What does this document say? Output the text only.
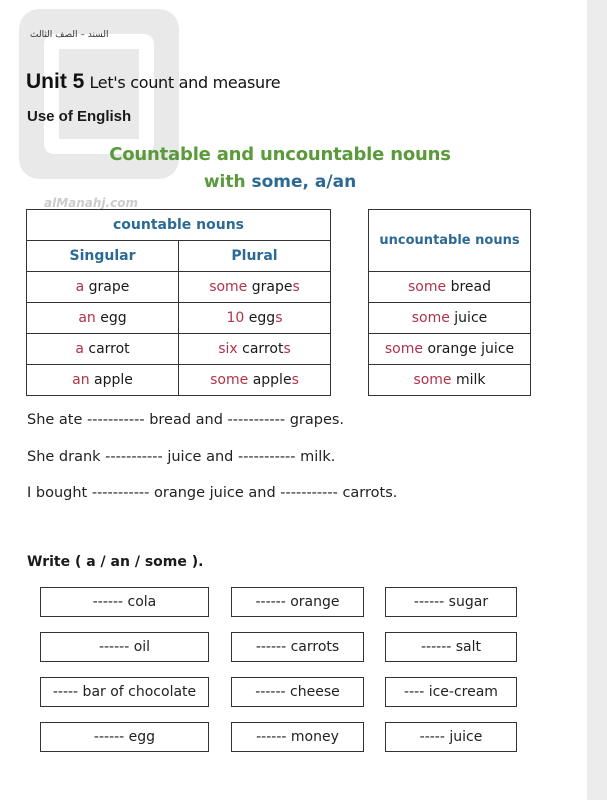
alManahj.com
السند – الصف الثالث
Unit 5 Let's count and measure
Use of English
Countable and uncountable nouns
with some, a/an
countable nouns	
Singular	Plural
a grape	some grapes
an egg	10 eggs
a carrot	six carrots
an apple	some apples
uncountable nouns
some bread
some juice
some orange juice
some milk
She ate ----------- bread and ----------- grapes.
She drank ----------- juice and ----------- milk.
I bought ----------- orange juice and ----------- carrots.
Write ( a / an / some ).
------ cola	------ orange	------ sugar
------ oil	------ carrots	------ salt
----- bar of chocolate	------ cheese	---- ice-cream
------ egg	------ money	----- juice
